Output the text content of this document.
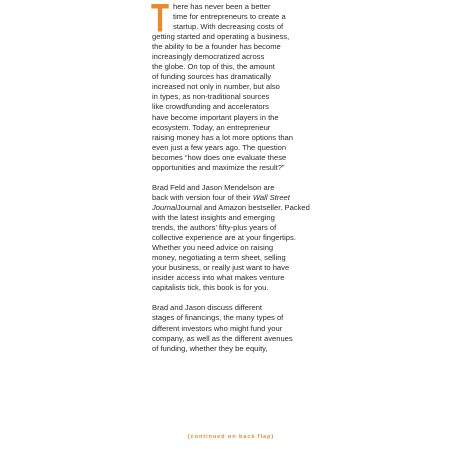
T here has never been a better
time for entrepreneurs to create a
startup. With decreasing costs of
getting started and operating a business,
the ability to be a founder has become
increasingly democratized across
the globe. On top of this, the amount
of funding sources has dramatically
increased not only in number, but also
in types, as non-traditional sources
like crowdfunding and accelerators
have become important players in the
ecosystem. Today, an entrepreneur
raising money has a lot more options than
even just a few years ago. The question
becomes “how does one evaluate these
opportunities and maximize the result?”
Brad Feld and Jason Mendelson are
back with version four of their Wall Street
JournalJournal and Amazon bestseller. Packed
with the latest insights and emerging
trends, the authors’ fifty-plus years of
collective experience are at your fingertips.
Whether you need advice on raising
money, negotiating a term sheet, selling
your business, or really just want to have
insider access into what makes venture
capitalists tick, this book is for you.
Brad and Jason discuss different
stages of financings, the many types of
different investors who might fund your
company, as well as the different avenues
of funding, whether they be equity,
(continued on back flap)
